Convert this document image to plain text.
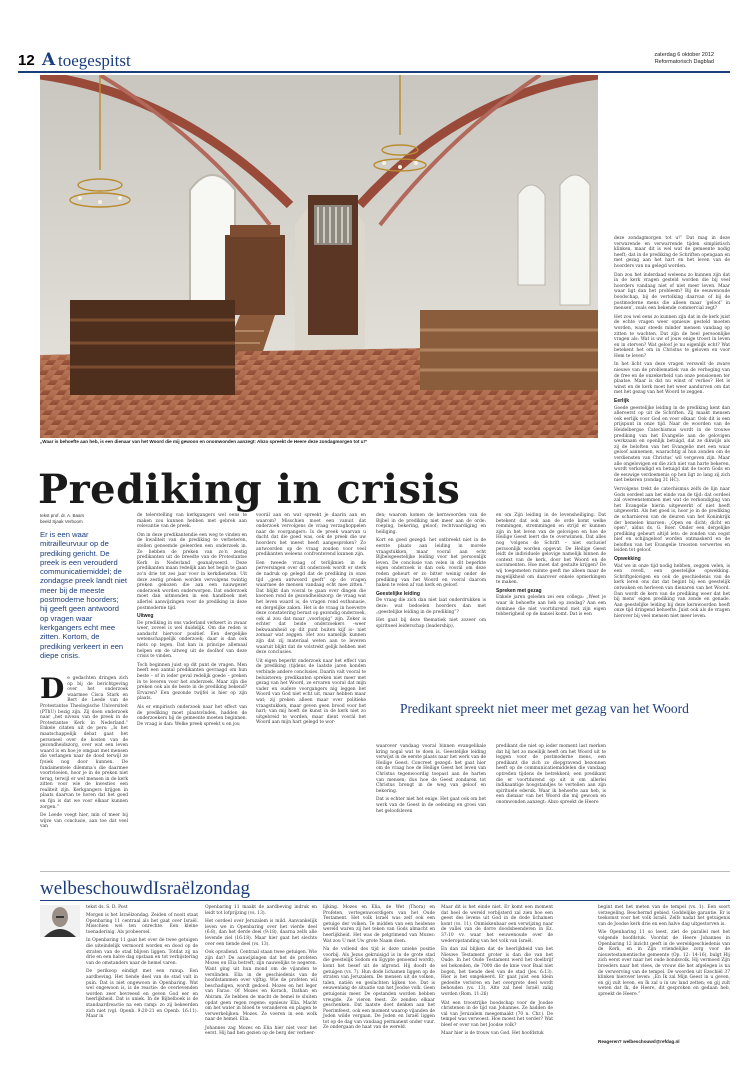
12 A toegespitst	zaterdag 6 oktober 2012
Reformatorisch Dagblad
„Waar is behoefte aan heb, is een dienaar van het Woord die mij gewoon en onomwonden aanzegt: Abzo spreekt de Heere deze zondagmorgen tot u!”
Prediking in crisis
tekst prof. dr. A. Baars
beeld Sjaak Verboom
Er is een waar mitrailleurvuur op de prediking gericht. De preek is een verouderd communicatiemiddel; de zondagse preek landt niet meer bij de meeste postmoderne hoorders; hij geeft geen antwoord op vragen waar kerkgangers echt mee zitten. Kortom, de prediking verkeert in een diepe crisis.

De gedachten dringen zich op bij de berichtgeving over het onderzoek waarmee Cisca Stark en Bert de Leede van de Protestantse Theologische Universiteit (PThU) bezig zijn. Zij doen onderzoek naar „het niveau van de preek in de Protestantse Kerk in Nederland.” Enkele citaten uit de pers: „Is het maatschappelijk debat gaat het personeel over de kosten van de gezondheidszorg, over wat een leven waard is en hoe je omgaat met mensen die verlangen naar de dood terwijl ze fysiek nog door kunnen. De fundamentele dilemma’s die daarmee voortvloeien, hoor je in de preken niet terug, terwijl er wel mensen in de kerk zitten voor wie de kwesties een realiteit zijn. Kerkgangers krijgen in plaats daarvan te horen dat het goed en fijn is dat we voor elkaar kunnen zorgen.”

De Leede voegt hier, min of meer bij wijze van conclusie, aan toe dat veel van

de telerstelling van kerkgangers wel eens te maken zou kunnen hebben met gebrek aan relevantie van de preek.

Om in deze predikantendie een weg te vinden en de kwaliteit van de prediking te verbeteren, stellen genoemde geleerden een onderzoek in. Ze hebben de preken van zo’n zestig predikanten uit de breedte van de Protestantse Kerk in Nederland geanalyseerd. Deze predikanten maan redelijk aan het begin te gaan zo’n drie tot zes jaar voor in kerkdiensten. Uit deze zestig preken worden vervolgens twintig preken gekozen die aan een nauwgezet onderzoek worden onderworpen. Dat onderzoek moet dan uitmonden in een handboek met allerlei aanwijzingen voor de prediking in deze postmoderne tijd.

Uitweg

De prediking in ons vaderland verkeert in zwaar weer, zoveel is wel duidelijk. Om die reden is aandacht hiervoor positief. Een dergelijke wetenschappelijk onderzoek; daar is dan ook niets op tegen. Dat kan in principe allemaal helpen om de uitweg uit de doolhof van deze crisis te vinden.

Toch beginnen juist op dit punt de vragen. Men heeft een aantal predikanten gevraagd om hun beste – of in ieder geval redelijk goede – preken in te leveren voor het onderzoek. Maar zijn die preken ook als de beste in de prediking bekend? Ervaren? Een gezonde twijfel is hier op zijn plaats.

Als er empirisch onderzoek naar het effect van de prediking moet plaatsvinden, hadden de onderzoekers bij de gemeente moeten beginnen. De vraag is dan: Welke preek spreekt u en jou

voorál aan en wat spreekt je daarin aan en waarom? Misschien moet een vanuit dat onderzoek vervolgens de vraag verzaghoppelen naar de voorgangers: Is de preek waarvan u dacht dat die goed was, ook de preek die uw hoorders het meest heeft aangesproken? Zo antwoorden op de vraag zouden voor veel predikanten weleens confronterend kunnen zijn.

Een tweede vraag of terlijkniet: in de perversingen over dit onderzoek wordt er sterk de nadruk op gelegd dat de prediking in onze tijd „geen antwoord geeft” op de vragen waarmee de mensen vandaag echt mee zitten.” Dat blijkt dan vooral te gaan over dingen die koersen rond de gezondheidszorg: de vraag wat het leven waard is, de vragen rond euthanasie, en dergelijke zaken. Het is de vraag in hoeverre deze constatering berust op gezondig onderzoek, ook al zou dat maar „voorlopig” zijn. Zeker is echter dat beide onderzoekers –weer bekwaamheid op dit punt buiten kijf is– niet zomaar wat zeggen. Het zou namelijk kunnen zijn dat zij materiaal weten aan te leveren waaruit blijkt dat de volstrekt gelijk hebben met deze conclusies.

Uit eigen beperkt onderzoek naar het effect van de prediking (tijdens de laatste jaren konden verbinde andere conclusies. Daarin valt vooral te beluisteren; predikanten spreken niet meer met gezag van het Woord, ze ervaren vooral dat mijn vader en oudere voorgangers nig leggen het Woord van God niet echt uit, maar hebben maar wat; zij preken alleen maar over politieke vraagstukken, maar geven geen brood voor het hart; van mij hoeft de kunst in de kerk niet zo uitgebreid te worden, maar dient voorál het Woord aan mijn hart gelegd te wor-

den; waarom komen de kernwoorden van de Bijbel in de prediking niet meer aan de orde: roeping, bekering, geloof; rechtvaardiging en heiliging.

Kort en goed gezegd: het ontbreekt niet in de eerste plaats aan leiding in morele vraagstukken, maar vooral aan echt Bijbelsgeestelijke leiding voor het persoonlijk leven. De conclusie van velen in dit beperkte eigen onderzoek is dan ook: voorál om deze reden geheurt er zo bitter weinig onder de prediking van het Woord en vooral daarom haken te velen af van kerk en geloof.

Geestelijke leiding

De vraag die zich dan niet laat onderdrukken is deze: wat bedoelen hoorders dan met „geestelijke leiding in de prediking”?

Het gaat bij deze thematiek niet zozeer om spiritueel leiderschap (leadership),

en om Zijn leiding in de levensheiliging. Dat betekent dat ook aan de orde komt welke remmingen, stremmingen en strijd er kunnen zijn in het leven van de gelovigen en hoe de Heilige Geest leert die te overwinnen. Dat alles nog ‘volgens de Schrift – niet exclusief persoonlijk worden opgevat. De Heilige Geest leidt de individuele gelovige namelijk binnen de context van de kerk, door het Woord en de sacramenten. Hoe moet dat gestalte krijgen? De wij toegemeten ruimte geeft me alleen maar de mogelijkheid om daarover enkele opmerkingen te maken.

Spreken met gezag

Enkele jaren geleden zei een collega: „Weet je waar ik behoefte aan heb op zondag? Aan een dominee die niet voortdurend met zijn eigen tobberigheid op de kansel komt. Dat is een

Predikant spreekt niet meer met gezag van het Woord

waarover vandaag vooral binnen evangelikale kring nogal wat te doen is. Geestelijke leiding verwijst in de eerste plaats naar het werk van de Heilige Geest. Concreet gezegd: het gaat hier om de vraag hoe de Heilige Geest het leven van Christus tegenwoordig toepast aan de harten van mensen; dus hoe de Geest zondaren tot Christus brengt in de weg van geloof en bekering.

Dat is echter niet het enige. Het gaat ook om het werk van de Geest in de oefening en groei van het geloofsleven

predikant die niet op ieder moment last merken dat hij het zo moeilijk heeft om het Woord uit te leggen voor de postmoderne mens, een predikant die zich zo diepgravend bezonnen heeft op de communicatiemiddelen die vandaag optreden tijdens de betrekkenl; een predikant die er voortdurend op uit is om allerlei indikaantige hoogstandjes te vertellen aan zijn spirituele ederuk. Waar ik behoefte aan heb, is een dienaar van het Woord die mij gewoon en onomwonden aanzegt: Abzo spreekt de Heere

deze zondagmorgen tot u!” Dat mag in deze verwarende en verwarrende tijden simplistisch klinken, maar dit is wel wat de gemeente nodig heeft; dat in de prediking de Schriften opengaan en met gezag aan het hart en het leven van de hoorders van nu gelegd worden.

Dan zou het inderdaad weleens zo kunnen zijn dat in de kerk vragen gesteld worden die bij veel hoorders vandaag niet of niet meer leven. Maar waar ligt dan het probleem? Bij de eeuwenoude boodschap, bij de vertolking daarvan of bij de postmoderne mens die alleen maar ‘geloof’ in mensen’, zoals een bekende commercial zegt?

Het zou wel eens zo kunnen zijn dat in de kerk juist de echte vragen weer opnieuw gesteld moeten worden, waar steeds minder mensen vandaag op zitten te wachten. Dat zijn de heel persoonlijke vragen als: Wat is uw of jouw enige troost in leven en in sterven? Wat geloof je nu eigenlijk echt? Wat betekent het om in Christus te geloven en voor Hem te leven?

In het licht van deze vragen verswelt de zware nieuwe van de problematiek van de verhoging van de free en de onzekerheid van onze pensioenen ter plaatse. Maar is dat nu winst of verlies? Het is winst en de kerk moet het weer aandurven om dat met het gezag van het Woord te zeggen.

Eerlijk

Goede geestelijke leiding in de prediking kent dan allereerst op uit de Schriften. Zij maakt mensen ook eerlijk voor God en voor elkaar. Ook dit is een prijspunt in onze tijd. Naar de woorden van de Heidelbergse Catechismus wordt in de trouwe prediking van het Evangelie aan de gelovigen werkzaam en openlijk betuigd, dat ze dikwijls als zij de beloften van het Evangelie met een waar geloof aannemen, waarachtig al hun zonden om de verdiensten van Christus’ wil vergeven zijn. Maar alle ongelovigen en die zich niet van harte bekeren, wordt verkondigd en betuigd dat de toorn Gods en de eeuwige verdoemenis op hen ligt zo lang zij zich niet bekeren (zondag 31 HC).

Vervolgens trekt de catechismus zelfs de lijn naar Gods oordeel aan het einde van de tijd: dat oordeel zal overeenstemmen met wat de verkondiging van het Evangelie hierin uitgewerkt of niet heeft uitgewerkt. Als het goed is, hoor je in de prediking de scharnieren van de deuren van het Koninkrijk der hemelen knarsen: „Open en dicht; dicht en open”, aldus ds. G. Boer. Onder een dergelijke prediking gebeurt altijd iets: de zonden van oogst hief en schijngeloof worden ontmaskerd en de beloften van het Evangelie troosten verwertes en leiden tot geloof.

Opwekking

Wat we in onze tijd nodig hebben, zeggen velen, is een revell, een geestelijke opwekking. Schriftgelovigen en ook de geschiedenis van de kerk leren ons dat dat begint bij een geestelijk ontwaken en herleven van dienaren van het Woord. Dan wordt de kern van de prediking weer dat het bij mens’ eigen prediking van zonde en genade. Aan geestelijke leiding bij deze kernwoorden heeft onze tijd dringend behoefte. Juist ook als de vragen hierover bij veel mensen niet meer leven.

welbeschouwd Israëlzondag
tekst ds. S. D. Post

Morgen is het Israëlzondag. Zeiden of nooit staat Openbaring 11 centraal als het gaat over Israël. Misschien wel ten onrechte. Een kleine toenaderinig. Als probeersel.

In Openbaring 11 gaat het over de twee getuigen die uiteindelijk vermoord worden en dood op de straten van de stad blijven liggen. Totdat zij na drie en een halve dag opstaan en tot verbijstering van de omstanders naar de hemel varen.

De perikoop eindigt met een runup. Een aardbeving. Het tiende deel van de stad valt in puin. Dat is niet ongewoon in Openbaring. Wat wel ongewoon is, is de reactie: de overlevenden worden zeer bevreesd en geven God eer en heerlijkheid. Dat is uniek. In de Bijbelboek is de standaardreactie na een ramp: zo zij bekeerden zich niet (vgl. Openb. 9:20-21 en Openb. 16:11). Maar in

Openbaring 11 maakt de aardbeving indruk en leidt tot lofprijzing (vs. 13).

Het oordeel over Jeruzalem is mild. Aanvankelijk leven we in Openbaring over het vierde deel (6:8), dan het derde deel (9:18), daarna zelfs alle levende ziel (16:18). Maar hier gaat het slechts over een tiende deel (vs. 13).

Ook opvallend. Centraal staan twee getuigen. Wie zijn dat? De aanwijzingen dat het de profeten Mozes en Elia betreft, zijn nauwelijks te negeren. Want ging uit hun mond om de vijanden te verslinden. Elia in de geschiedenis van de hoofdstammen over vijftig. Wie de profeten wil beschadigen, wordt gedood. Mozes en het leger van Farao. Of Mozes en Korach, Dathan en Abiram. Ze hebben de macht de hemel te sluiten opdat geen regen regene: opnieuw Elia. Macht om het water in bloed te veranderen en plagen te verwerkelijken: Mozes. Ze voeren in een wolk naar de hemel. Elia.

Johannes zag Mozes en Elia hier niet voor het eerst. Hij had hen gezien op de berg der verheer-

lijking. Mozes en Elia, de Wet (Thora) en Profeten, vertegenwoordigers van het Oude Testament. Het volk Israël was zelf ook een getuige der volken. Te midden van een heidense wereld waren zij het teken van Gods almacht en heerlijkheid. Het was de pelgrimend van Mozes: Wat zou U met Uw grote Naam doen.

Na de vollend des tijd is deze unieke positie voorbij. Als Jezus gekruisigd is in de grote stad die geestelijk Sodom en Egypte genoemd wordt), komt het besef uit de afgrond. Hij doodt de getuigen (vs. 7). Hun dode lichamen liggen op de straten van Jeruzalem. De mensen uit de volken, talen, natiën en geslachten kijken toe. Dat is eeuwenlang de situatie van het Joodse volk. Geen getuigenis meer. De opstanden worden hebben vreugde. Ze vieren feest. Ze zenden elkaar geschenken. Dat laatste doet denken aan het Poerimfeest, ook een moment waarop vijanden de Joden wilde vergaan. De Joden en Israël liggen tot op de dag van vandaag permanent onder vuur. Ze ondergaan de haat van de wereld.

Maar dit is het einde niet. Er komt een moment dat heel de wereld verbijsterd zal zien hoe een geest des levens uit God in de dode lichamen komt (vs. 11). Onmiskenbaar een verwijzing naar de vallei van de dorre doodsbeenderen in Ez. 37:10 vv. waar het eeuwenoude over de wederopstanding van het volk van Israël.

En dan zal blijken dat de heerlijkheid van het Nieuwe Testament groter is dan die van het Oude. In het Oude Testament werd het doelbrijf sel bekonden, de 7000 die de knie voor Baal niet bogen, het tiende deel van de stad (Jes. 6:13). Hier is het omgekeerd. Er gaat juist een klein gedeelte verloren en het overgrote deel wordt behouden (vs. 13). Alto zal heel Israël zalig worden (Rom. 11:26)

Wat een troostrijke boodschap voor de Joodse christenen in de tijd van Johannes. Ze hadden de val van Jeruzalem meegemaakt (70 n. Chr.). De tempel was verwoest. Hoe moest het verder? Wat bleef er over van het Joodse volk?

Maar hier is de trouw van God. Het hoofdstuk

begint met het meten van de tempel (vs. 1). Een soort verzegeling. Beschermd gebied. Goddelijke garantie. Er is toekomst voor het volk Israël. Zelfs nadat het getuigenis van de Joodse kerk drie en een halve dag uitgestorven is.

Wie Openbaring 11 so leest, ziet de parallel met het volgende hoofdstuk. Voordat de Heere Johannes in Openbaring 12 inzicht geeft in de wereldgeschiedenis van de Kerk, en in Zijn vriendelijke zorg voor de nieuwtestamentische gemeente (Op. 12: 14-16), bulgt Hij zich eerst over naar het oude bondsvolk. Hij vermoed Zijn broeders naar het vlees, de vrouw die het afgelegen is na de verwerving van de tempel. De woorden uit Ezechiël 37 klinken hierover leven: „En Ik zal Mijn Geest in u geven, en gij zult leven, en Ik zal u in uw land zetten; en gij zult weten dat Ik, de Heere, dit gesproken en gedaan heb, spreekt de Heere.”

Reageren? welbeschouwd@refdag.nl
